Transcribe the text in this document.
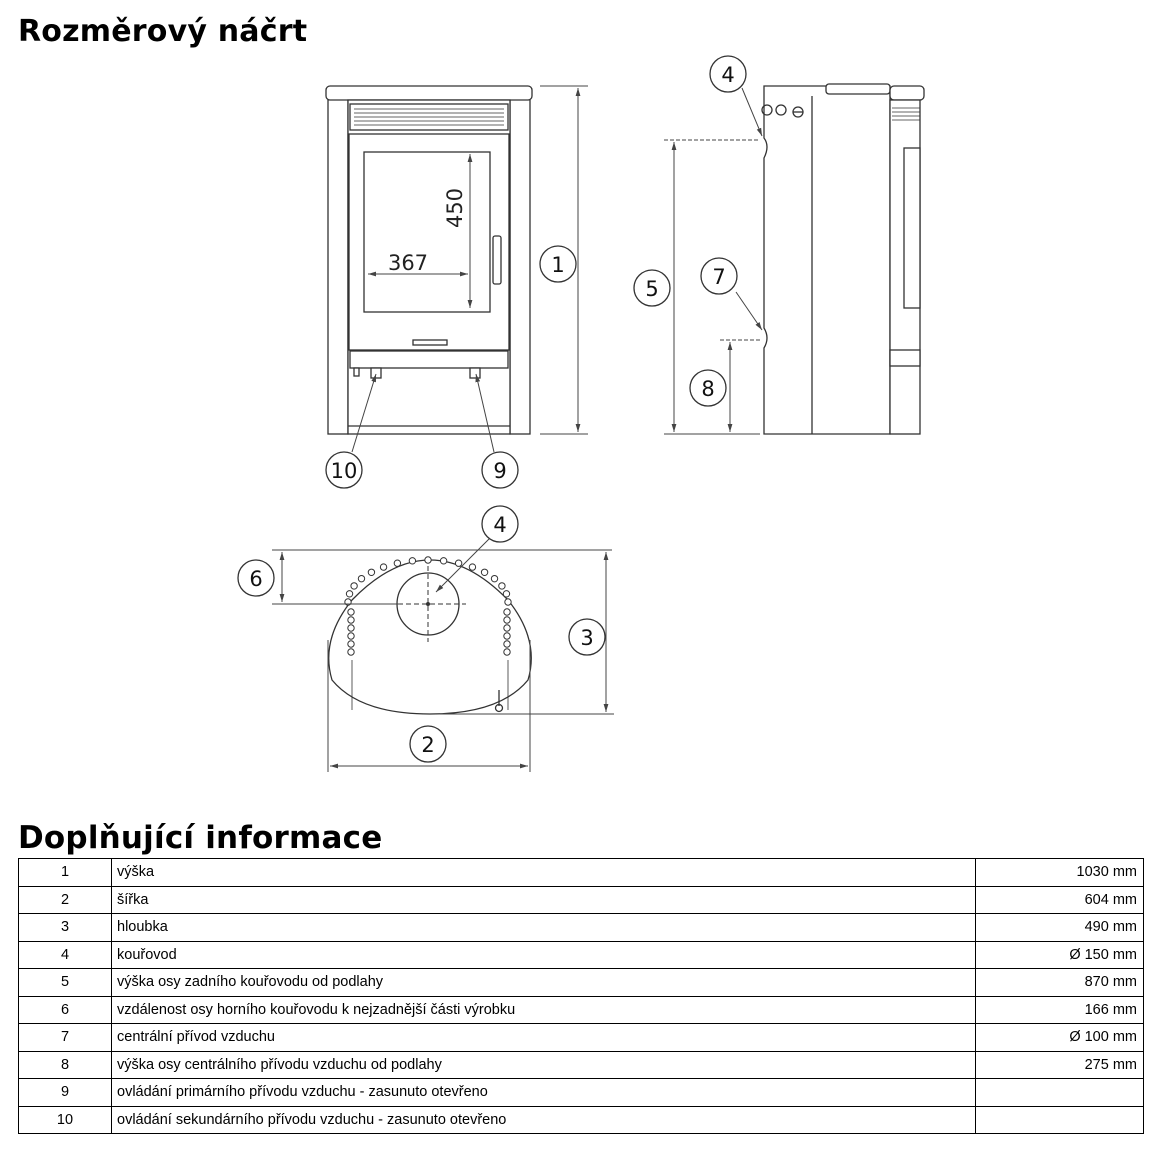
Rozměrový náčrt
367
450
1
10	9
4
5	7
8
4
6
3
2
Doplňující informace
1	výška	1030 mm
2	šířka	604 mm
3	hloubka	490 mm
4	kouřovod	Ø 150 mm
5	výška osy zadního kouřovodu od podlahy	870 mm
6	vzdálenost osy horního kouřovodu k nejzadnější části výrobku	166 mm
7	centrální přívod vzduchu	Ø 100 mm
8	výška osy centrálního přívodu vzduchu od podlahy	275 mm
9	ovládání primárního přívodu vzduchu - zasunuto otevřeno	
10	ovládání sekundárního přívodu vzduchu - zasunuto otevřeno	
